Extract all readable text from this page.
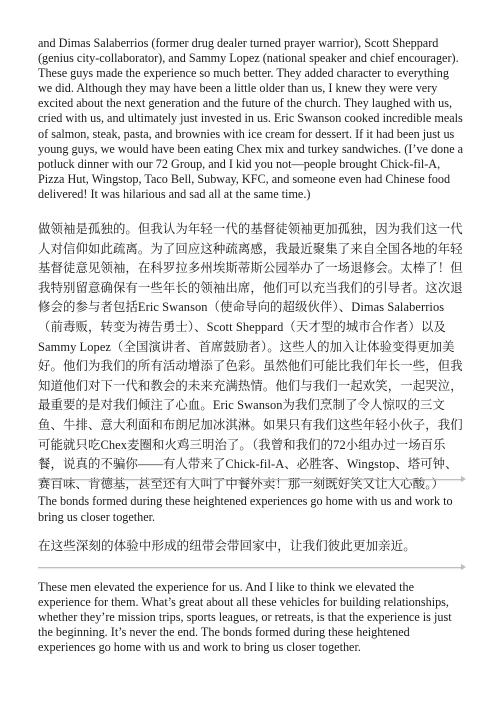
and Dimas Salaberrios (former drug dealer turned prayer warrior), Scott Sheppard (genius city-collaborator), and Sammy Lopez (national speaker and chief encourager). These guys made the experience so much better. They added character to everything we did. Although they may have been a little older than us, I knew they were very excited about the next generation and the future of the church. They laughed with us, cried with us, and ultimately just invested in us. Eric Swanson cooked incredible meals of salmon, steak, pasta, and brownies with ice cream for dessert. If it had been just us young guys, we would have been eating Chex mix and turkey sandwiches. (I’ve done a potluck dinner with our 72 Group, and I kid you not—people brought Chick-fil-A, Pizza Hut, Wingstop, Taco Bell, Subway, KFC, and someone even had Chinese food delivered! It was hilarious and sad all at the same time.)

做领袖是孤独的。但我认为年轻一代的基督徒领袖更加孤独，因为我们这一代人对信仰如此疏离。为了回应这种疏离感，我最近聚集了来自全国各地的年轻基督徒意见领袖，在科罗拉多州埃斯蒂斯公园举办了一场退修会。太棒了！但我特别留意确保有一些年长的领袖出席，他们可以充当我们的引导者。这次退修会的参与者包括Eric Swanson（使命导向的超级伙伴）、Dimas Salaberrios（前毒贩，转变为祷告勇士）、Scott Sheppard（天才型的城市合作者）以及Sammy Lopez（全国演讲者、首席鼓励者）。这些人的加入让体验变得更加美好。他们为我们的所有活动增添了色彩。虽然他们可能比我们年长一些，但我知道他们对下一代和教会的未来充满热情。他们与我们一起欢笑，一起哭泣，最重要的是对我们倾注了心血。Eric Swanson为我们烹制了令人惊叹的三文鱼、牛排、意大利面和布朗尼加冰淇淋。如果只有我们这些年轻小伙子，我们可能就只吃Chex麦圈和火鸡三明治了。（我曾和我们的72小组办过一场百乐餐，说真的不骗你——有人带来了Chick-fil-A、必胜客、Wingstop、塔可钟、赛百味、肯德基，甚至还有人叫了中餐外卖！那一刻既好笑又让人心酸。）

The bonds formed during these heightened experiences go home with us and work to bring us closer together.

在这些深刻的体验中形成的纽带会带回家中，让我们彼此更加亲近。

These men elevated the experience for us. And I like to think we elevated the experience for them. What’s great about all these vehicles for building relationships, whether they’re mission trips, sports leagues, or retreats, is that the experience is just the beginning. It’s never the end. The bonds formed during these heightened experiences go home with us and work to bring us closer together.
